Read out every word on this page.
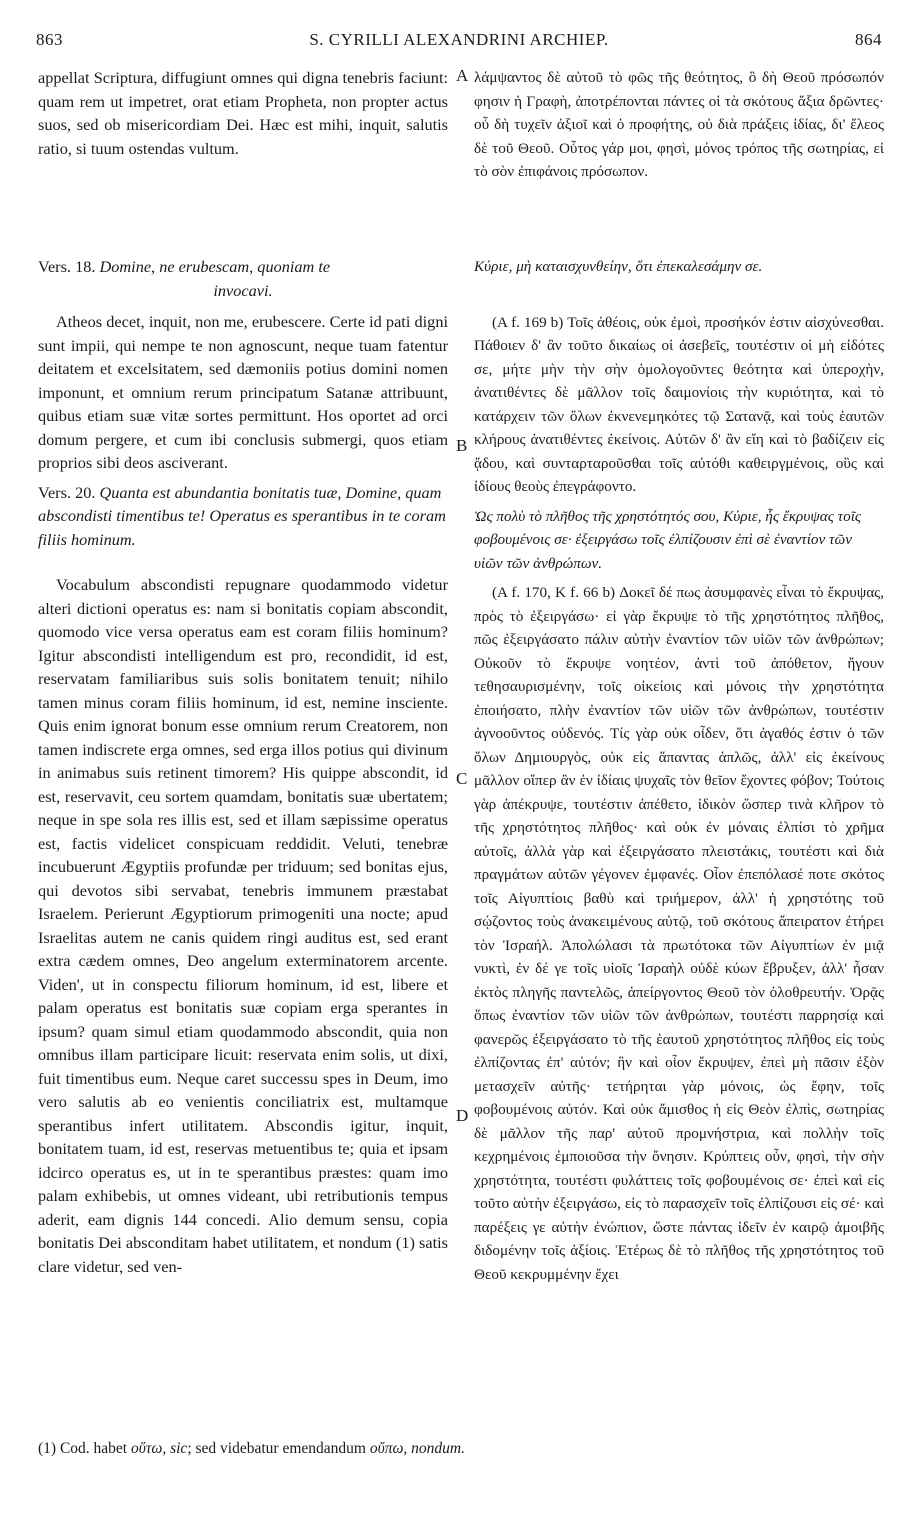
863	S. CYRILLI ALEXANDRINI ARCHIEP.	864

appellat Scriptura, diffugiunt omnes qui digna tenebris faciunt: quam rem ut impetret, orat etiam Propheta, non propter actus suos, sed ob misericordiam Dei. Hæc est mihi, inquit, salutis ratio, si tuum ostendas vultum.

Vers. 18. Domine, ne erubescam, quoniam te
invocavi.

Atheos decet, inquit, non me, erubescere. Certe id pati digni sunt impii, qui nempe te non agnoscunt, neque tuam fatentur deitatem et excelsitatem, sed dæmoniis potius domini nomen imponunt, et omnium rerum principatum Satanæ attribuunt, quibus etiam suæ vitæ sortes permittunt. Hos oportet ad orci domum pergere, et cum ibi conclusis submergi, quos etiam proprios sibi deos asciverant.

Vers. 20. Quanta est abundantia bonitatis tuæ, Domine, quam abscondisti timentibus te! Operatus es sperantibus in te coram filiis hominum.

Vocabulum abscondisti repugnare quodammodo videtur alteri dictioni operatus es: nam si bonitatis copiam abscondit, quomodo vice versa operatus eam est coram filiis hominum? Igitur abscondisti intelligendum est pro, recondidit, id est, reservatam familiaribus suis solis bonitatem tenuit; nihilo tamen minus coram filiis hominum, id est, nemine insciente. Quis enim ignorat bonum esse omnium rerum Creatorem, non tamen indiscrete erga omnes, sed erga illos potius qui divinum in animabus suis retinent timorem? His quippe abscondit, id est, reservavit, ceu sortem quamdam, bonitatis suæ ubertatem; neque in spe sola res illis est, sed et illam sæpissime operatus est, factis videlicet conspicuam reddidit. Veluti, tenebræ incubuerunt Ægyptiis profundæ per triduum; sed bonitas ejus, qui devotos sibi servabat, tenebris immunem præstabat Israelem. Perierunt Ægyptiorum primogeniti una nocte; apud Israelitas autem ne canis quidem ringi auditus est, sed erant extra cædem omnes, Deo angelum exterminatorem arcente. Viden', ut in conspectu filiorum hominum, id est, libere et palam operatus est bonitatis suæ copiam erga sperantes in ipsum? quam simul etiam quodammodo abscondit, quia non omnibus illam participare licuit: reservata enim solis, ut dixi, fuit timentibus eum. Neque caret successu spes in Deum, imo vero salutis ab eo venientis conciliatrix est, multamque sperantibus infert utilitatem. Abscondis igitur, inquit, bonitatem tuam, id est, reservas metuentibus te; quia et ipsam idcirco operatus es, ut in te sperantibus præstes: quam imo palam exhibebis, ut omnes videant, ubi retributionis tempus aderit, eam dignis 144 concedi. Alio demum sensu, copia bonitatis Dei absconditam habet utilitatem, et nondum (1) satis clare videtur, sed ven-

A
B
C
D

λάμψαντος δὲ αὐτοῦ τὸ φῶς τῆς θεότητος, ὃ δὴ Θεοῦ πρόσωπόν φησιν ἡ Γραφὴ, ἀποτρέπονται πάντες οἱ τὰ σκότους ἄξια δρῶντες· οὗ δὴ τυχεῖν ἀξιοῖ καὶ ὁ προφήτης, οὐ διὰ πράξεις ἰδίας, δι' ἔλεος δὲ τοῦ Θεοῦ. Οὗτος γάρ μοι, φησὶ, μόνος τρόπος τῆς σωτηρίας, εἰ τὸ σὸν ἐπιφάνοις πρόσωπον.

Κύριε, μὴ καταισχυνθείην, ὅτι ἐπεκαλεσάμην σε.

(A f. 169 b) Τοῖς ἀθέοις, οὐκ ἐμοὶ, προσήκόν ἐστιν αἰσχύνεσθαι. Πάθοιεν δ' ἂν τοῦτο δικαίως οἱ ἀσεβεῖς, τουτέστιν οἱ μὴ εἰδότες σε, μήτε μὴν τὴν σὴν ὁμολογοῦντες θεότητα καὶ ὑπεροχὴν, ἀνατιθέντες δὲ μᾶλλον τοῖς δαιμονίοις τὴν κυριότητα, καὶ τὸ κατάρχειν τῶν ὅλων ἐκνενεμηκότες τῷ Σατανᾷ, καὶ τοὺς ἑαυτῶν κλήρους ἀνατιθέντες ἐκείνοις. Αὐτῶν δ' ἂν εἴη καὶ τὸ βαδίζειν εἰς ᾅδου, καὶ συνταρταροῦσθαι τοῖς αὐτόθι καθειργμένοις, οὓς καὶ ἰδίους θεοὺς ἐπεγράφοντο.

Ὡς πολὺ τὸ πλῆθος τῆς χρηστότητός σου, Κύριε, ἧς ἔκρυψας τοῖς φοβουμένοις σε· ἐξειργάσω τοῖς ἐλπίζουσιν ἐπὶ σὲ ἐναντίον τῶν υἱῶν τῶν ἀνθρώπων.

(A f. 170, K f. 66 b) Δοκεῖ δέ πως ἀσυμφανὲς εἶναι τὸ ἔκρυψας, πρὸς τὸ ἐξειργάσω· εἰ γὰρ ἔκρυψε τὸ τῆς χρηστότητος πλῆθος, πῶς ἐξειργάσατο πάλιν αὐτὴν ἐναντίον τῶν υἱῶν τῶν ἀνθρώπων; Οὐκοῦν τὸ ἔκρυψε νοητέον, ἀντὶ τοῦ ἀπόθετον, ἤγουν τεθησαυρισμένην, τοῖς οἰκείοις καὶ μόνοις τὴν χρηστότητα ἐποιήσατο, πλὴν ἐναντίον τῶν υἱῶν τῶν ἀνθρώπων, τουτέστιν ἀγνοοῦντος οὐδενός. Τίς γὰρ οὐκ οἶδεν, ὅτι ἀγαθός ἐστιν ὁ τῶν ὅλων Δημιουργὸς, οὐκ εἰς ἅπαντας ἁπλῶς, ἀλλ' εἰς ἐκείνους μᾶλλον οἵπερ ἂν ἐν ἰδίαις ψυχαῖς τὸν θεῖον ἔχοντες φόβον; Τούτοις γὰρ ἀπέκρυψε, τουτέστιν ἀπέθετο, ἰδικὸν ὥσπερ τινὰ κλῆρον τὸ τῆς χρηστότητος πλῆθος· καὶ οὐκ ἐν μόναις ἐλπίσι τὸ χρῆμα αὐτοῖς, ἀλλὰ γὰρ καὶ ἐξειργάσατο πλειστάκις, τουτέστι καὶ διὰ πραγμάτων αὐτῶν γέγονεν ἐμφανές. Οἷον ἐπεπόλασέ ποτε σκότος τοῖς Αἰγυπτίοις βαθὺ καὶ τριήμερον, ἀλλ' ἡ χρηστότης τοῦ σῴζοντος τοὺς ἀνακειμένους αὐτῷ, τοῦ σκότους ἄπειρατον ἐτήρει τὸν Ἰσραήλ. Ἀπολώλασι τὰ πρωτότοκα τῶν Αἰγυπτίων ἐν μιᾷ νυκτὶ, ἐν δέ γε τοῖς υἱοῖς Ἰσραὴλ οὐδὲ κύων ἔβρυξεν, ἀλλ' ἦσαν ἐκτὸς πληγῆς παντελῶς, ἀπείργοντος Θεοῦ τὸν ὀλοθρευτήν. Ὁρᾷς ὅπως ἐναντίον τῶν υἱῶν τῶν ἀνθρώπων, τουτέστι παρρησίᾳ καὶ φανερῶς ἐξειργάσατο τὸ τῆς ἑαυτοῦ χρηστότητος πλῆθος εἰς τοὺς ἐλπίζοντας ἐπ' αὐτόν; ἣν καὶ οἷον ἔκρυψεν, ἐπεὶ μὴ πᾶσιν ἐξὸν μετασχεῖν αὐτῆς· τετήρηται γὰρ μόνοις, ὡς ἔφην, τοῖς φοβουμένοις αὐτόν. Καὶ οὐκ ἄμισθος ἡ εἰς Θεὸν ἐλπὶς, σωτηρίας δὲ μᾶλλον τῆς παρ' αὐτοῦ προμνήστρια, καὶ πολλὴν τοῖς κεχρημένοις ἐμποιοῦσα τὴν ὄνησιν. Κρύπτεις οὖν, φησὶ, τὴν σὴν χρηστότητα, τουτέστι φυλάττεις τοῖς φοβουμένοις σε· ἐπεὶ καὶ εἰς τοῦτο αὐτὴν ἐξειργάσω, εἰς τὸ παρασχεῖν τοῖς ἐλπίζουσι εἰς σέ· καὶ παρέξεις γε αὐτὴν ἐνώπιον, ὥστε πάντας ἰδεῖν ἐν καιρῷ ἀμοιβῆς διδομένην τοῖς ἀξίοις. Ἑτέρως δὲ τὸ πλῆθος τῆς χρηστότητος τοῦ Θεοῦ κεκρυμμένην ἔχει

(1) Cod. habet οὕτω, sic; sed videbatur emendandum οὔπω, nondum.
